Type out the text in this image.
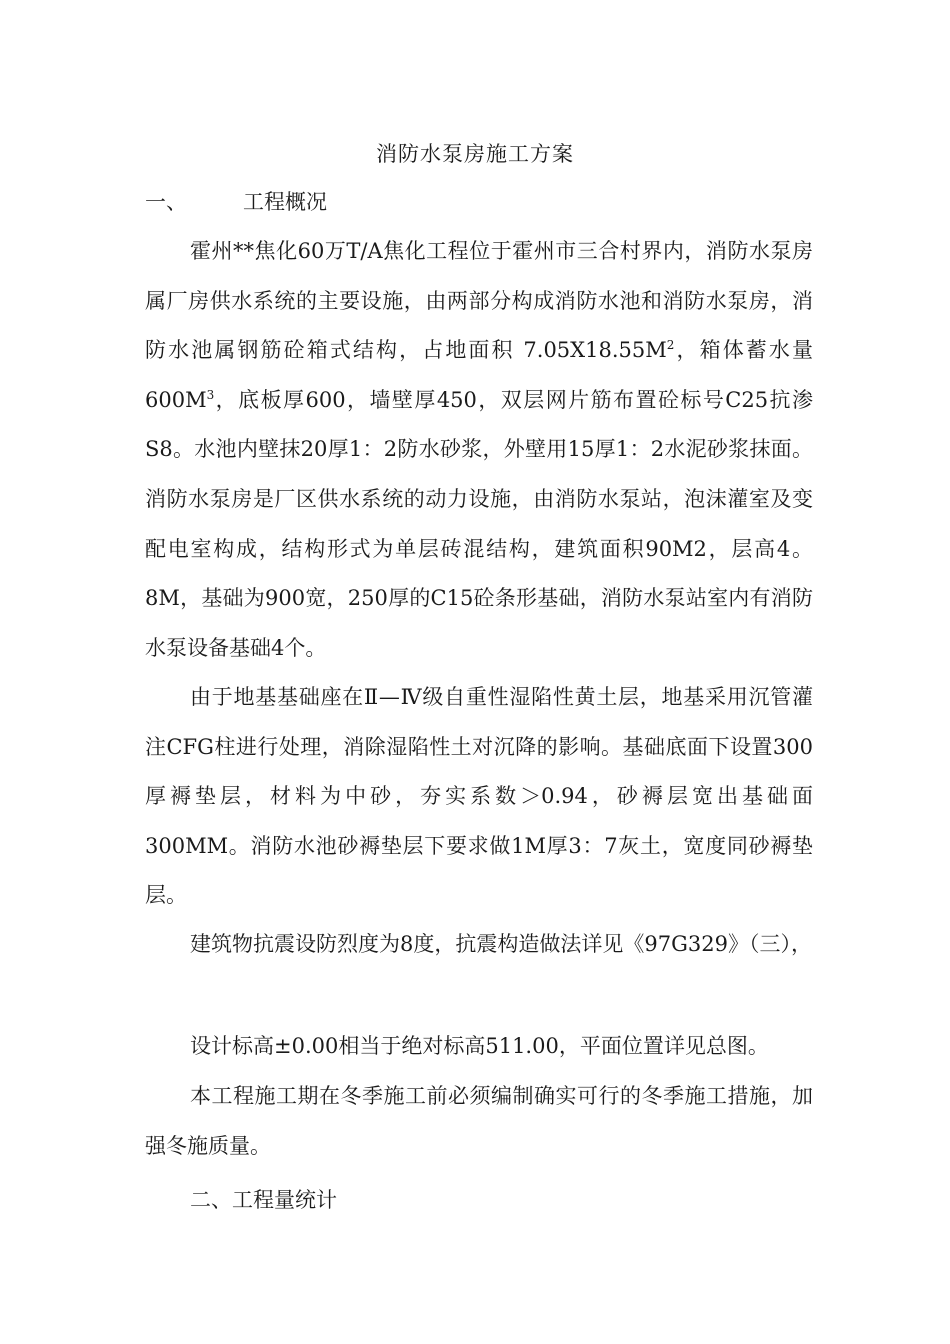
消防水泵房施工方案
一、	工程概况
霍州**焦化60万T/A焦化工程位于霍州市三合村界内，消防水泵房属厂房供水系统的主要设施，由两部分构成消防水池和消防水泵房，消防水池属钢筋砼箱式结构，占地面积 $7.05X18.55M^2$，箱体蓄水量$600M^3$，底板厚600，墙壁厚450，双层网片筋布置砼标号C25抗渗S8。水池内壁抹20厚1：2防水砂浆，外壁用15厚1：2水泥砂浆抹面。消防水泵房是厂区供水系统的动力设施，由消防水泵站，泡沫灌室及变配电室构成，结构形式为单层砖混结构，建筑面积90M2，层高4。8M，基础为900宽，250厚的C15砼条形基础，消防水泵站室内有消防水泵设备基础4个。
由于地基基础座在Ⅱ—Ⅳ级自重性湿陷性黄土层，地基采用沉管灌注CFG柱进行处理，消除湿陷性土对沉降的影响。基础底面下设置300厚褥垫层，材料为中砂，夯实系数＞0.94，砂褥层宽出基础面300MM。消防水池砂褥垫层下要求做1M厚3：7灰土，宽度同砂褥垫层。
建筑物抗震设防烈度为8度，抗震构造做法详见《97G329》（三），
设计标高±0.00相当于绝对标高511.00，平面位置详见总图。
本工程施工期在冬季施工前必须编制确实可行的冬季施工措施，加强冬施质量。
二、工程量统计
